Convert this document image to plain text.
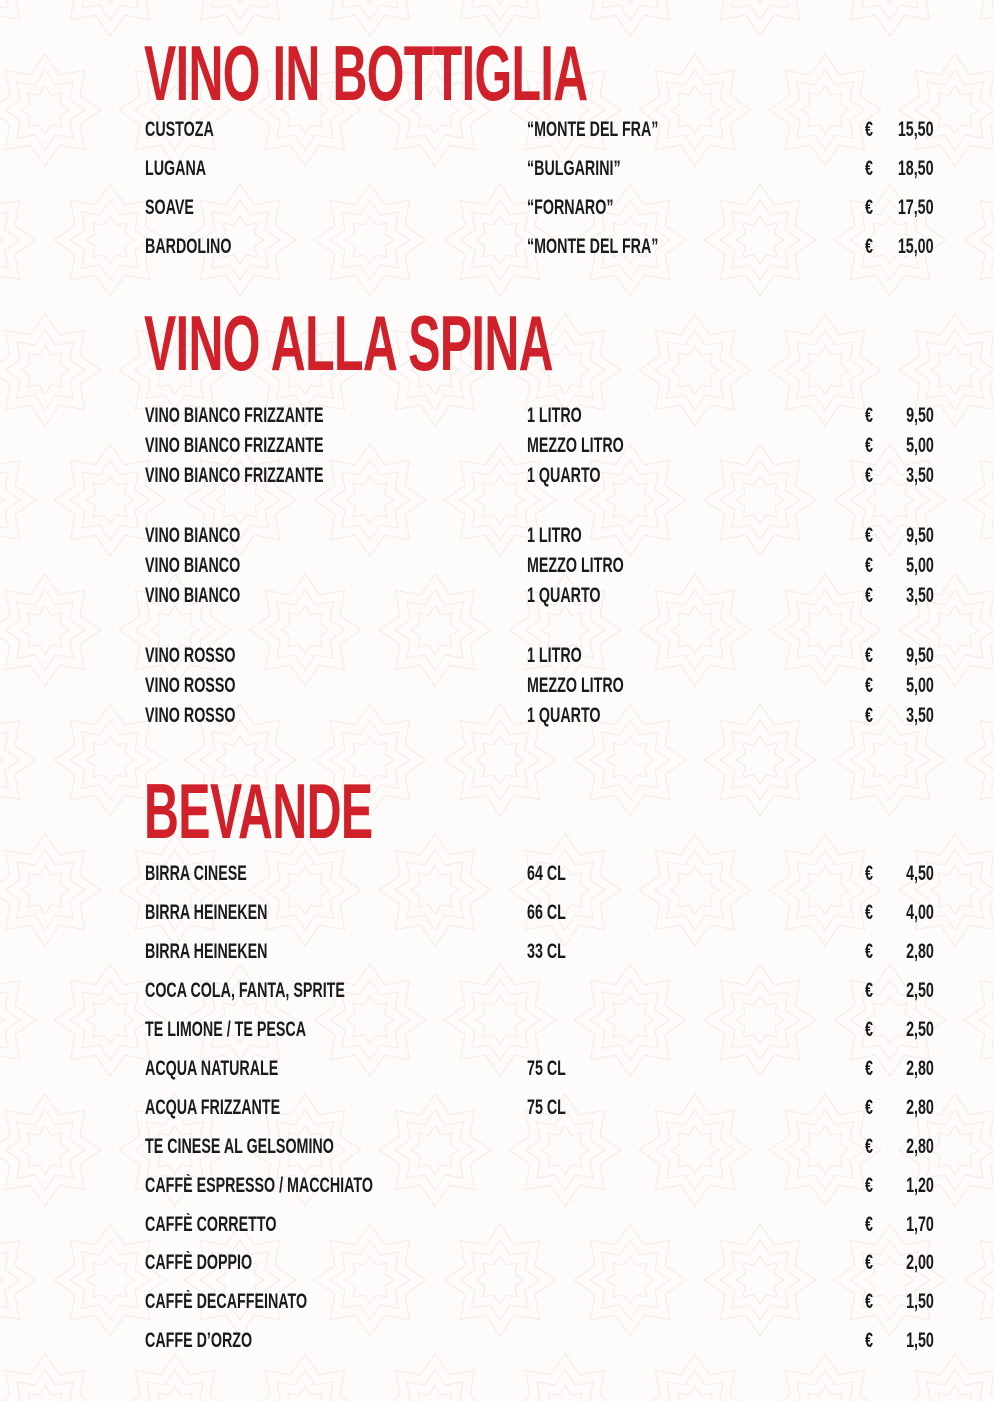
VINO IN BOTTIGLIA
CUSTOZA	“MONTE DEL FRA”	€ 15,50
LUGANA	“BULGARINI”	€ 18,50
SOAVE	“FORNARO”	€ 17,50
BARDOLINO	“MONTE DEL FRA”	€ 15,00
VINO ALLA SPINA
VINO BIANCO FRIZZANTE	1 LITRO	€ 9,50
VINO BIANCO FRIZZANTE	MEZZO LITRO	€ 5,00
VINO BIANCO FRIZZANTE	1 QUARTO	€ 3,50
VINO BIANCO	1 LITRO	€ 9,50
VINO BIANCO	MEZZO LITRO	€ 5,00
VINO BIANCO	1 QUARTO	€ 3,50
VINO ROSSO	1 LITRO	€ 9,50
VINO ROSSO	MEZZO LITRO	€ 5,00
VINO ROSSO	1 QUARTO	€ 3,50
BEVANDE
BIRRA CINESE	64 CL	€ 4,50
BIRRA HEINEKEN	66 CL	€ 4,00
BIRRA HEINEKEN	33 CL	€ 2,80
COCA COLA, FANTA, SPRITE	€ 2,50
TE LIMONE / TE PESCA	€ 2,50
ACQUA NATURALE	75 CL	€ 2,80
ACQUA FRIZZANTE	75 CL	€ 2,80
TE CINESE AL GELSOMINO	€ 2,80
CAFFÈ ESPRESSO / MACCHIATO	€ 1,20
CAFFÈ CORRETTO	€ 1,70
CAFFÈ DOPPIO	€ 2,00
CAFFÈ DECAFFEINATO	€ 1,50
CAFFE D’ORZO	€ 1,50
